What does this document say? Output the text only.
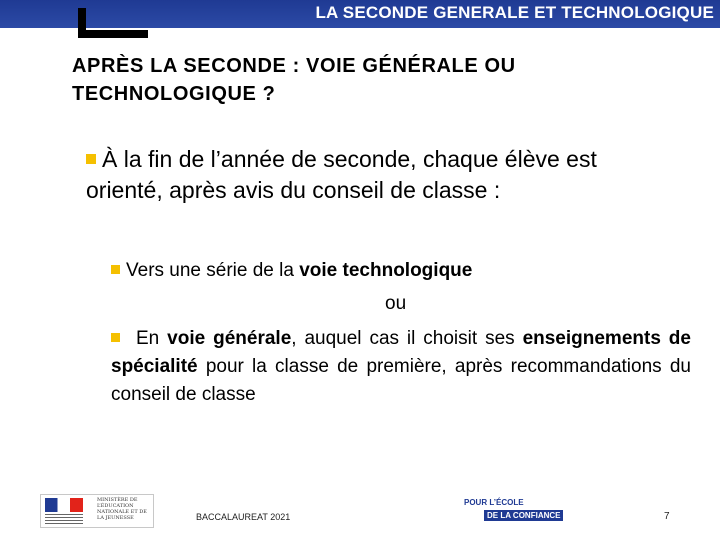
LA SECONDE GENERALE ET TECHNOLOGIQUE
APRÈS LA SECONDE : VOIE GÉNÉRALE OU
TECHNOLOGIQUE ?

À la fin de l’année de seconde, chaque élève est
orienté, après avis du conseil de classe :

Vers une série de la voie technologique

ou

En voie générale, auquel cas il choisit ses enseignements de spécialité pour la classe de première, après recommandations du conseil de classe

MINISTÈRE DE L’ÉDUCATION NATIONALE ET DE LA JEUNESSE	BACCALAUREAT 2021
POUR L’ÉCOLE
DE LA CONFIANCE	7
